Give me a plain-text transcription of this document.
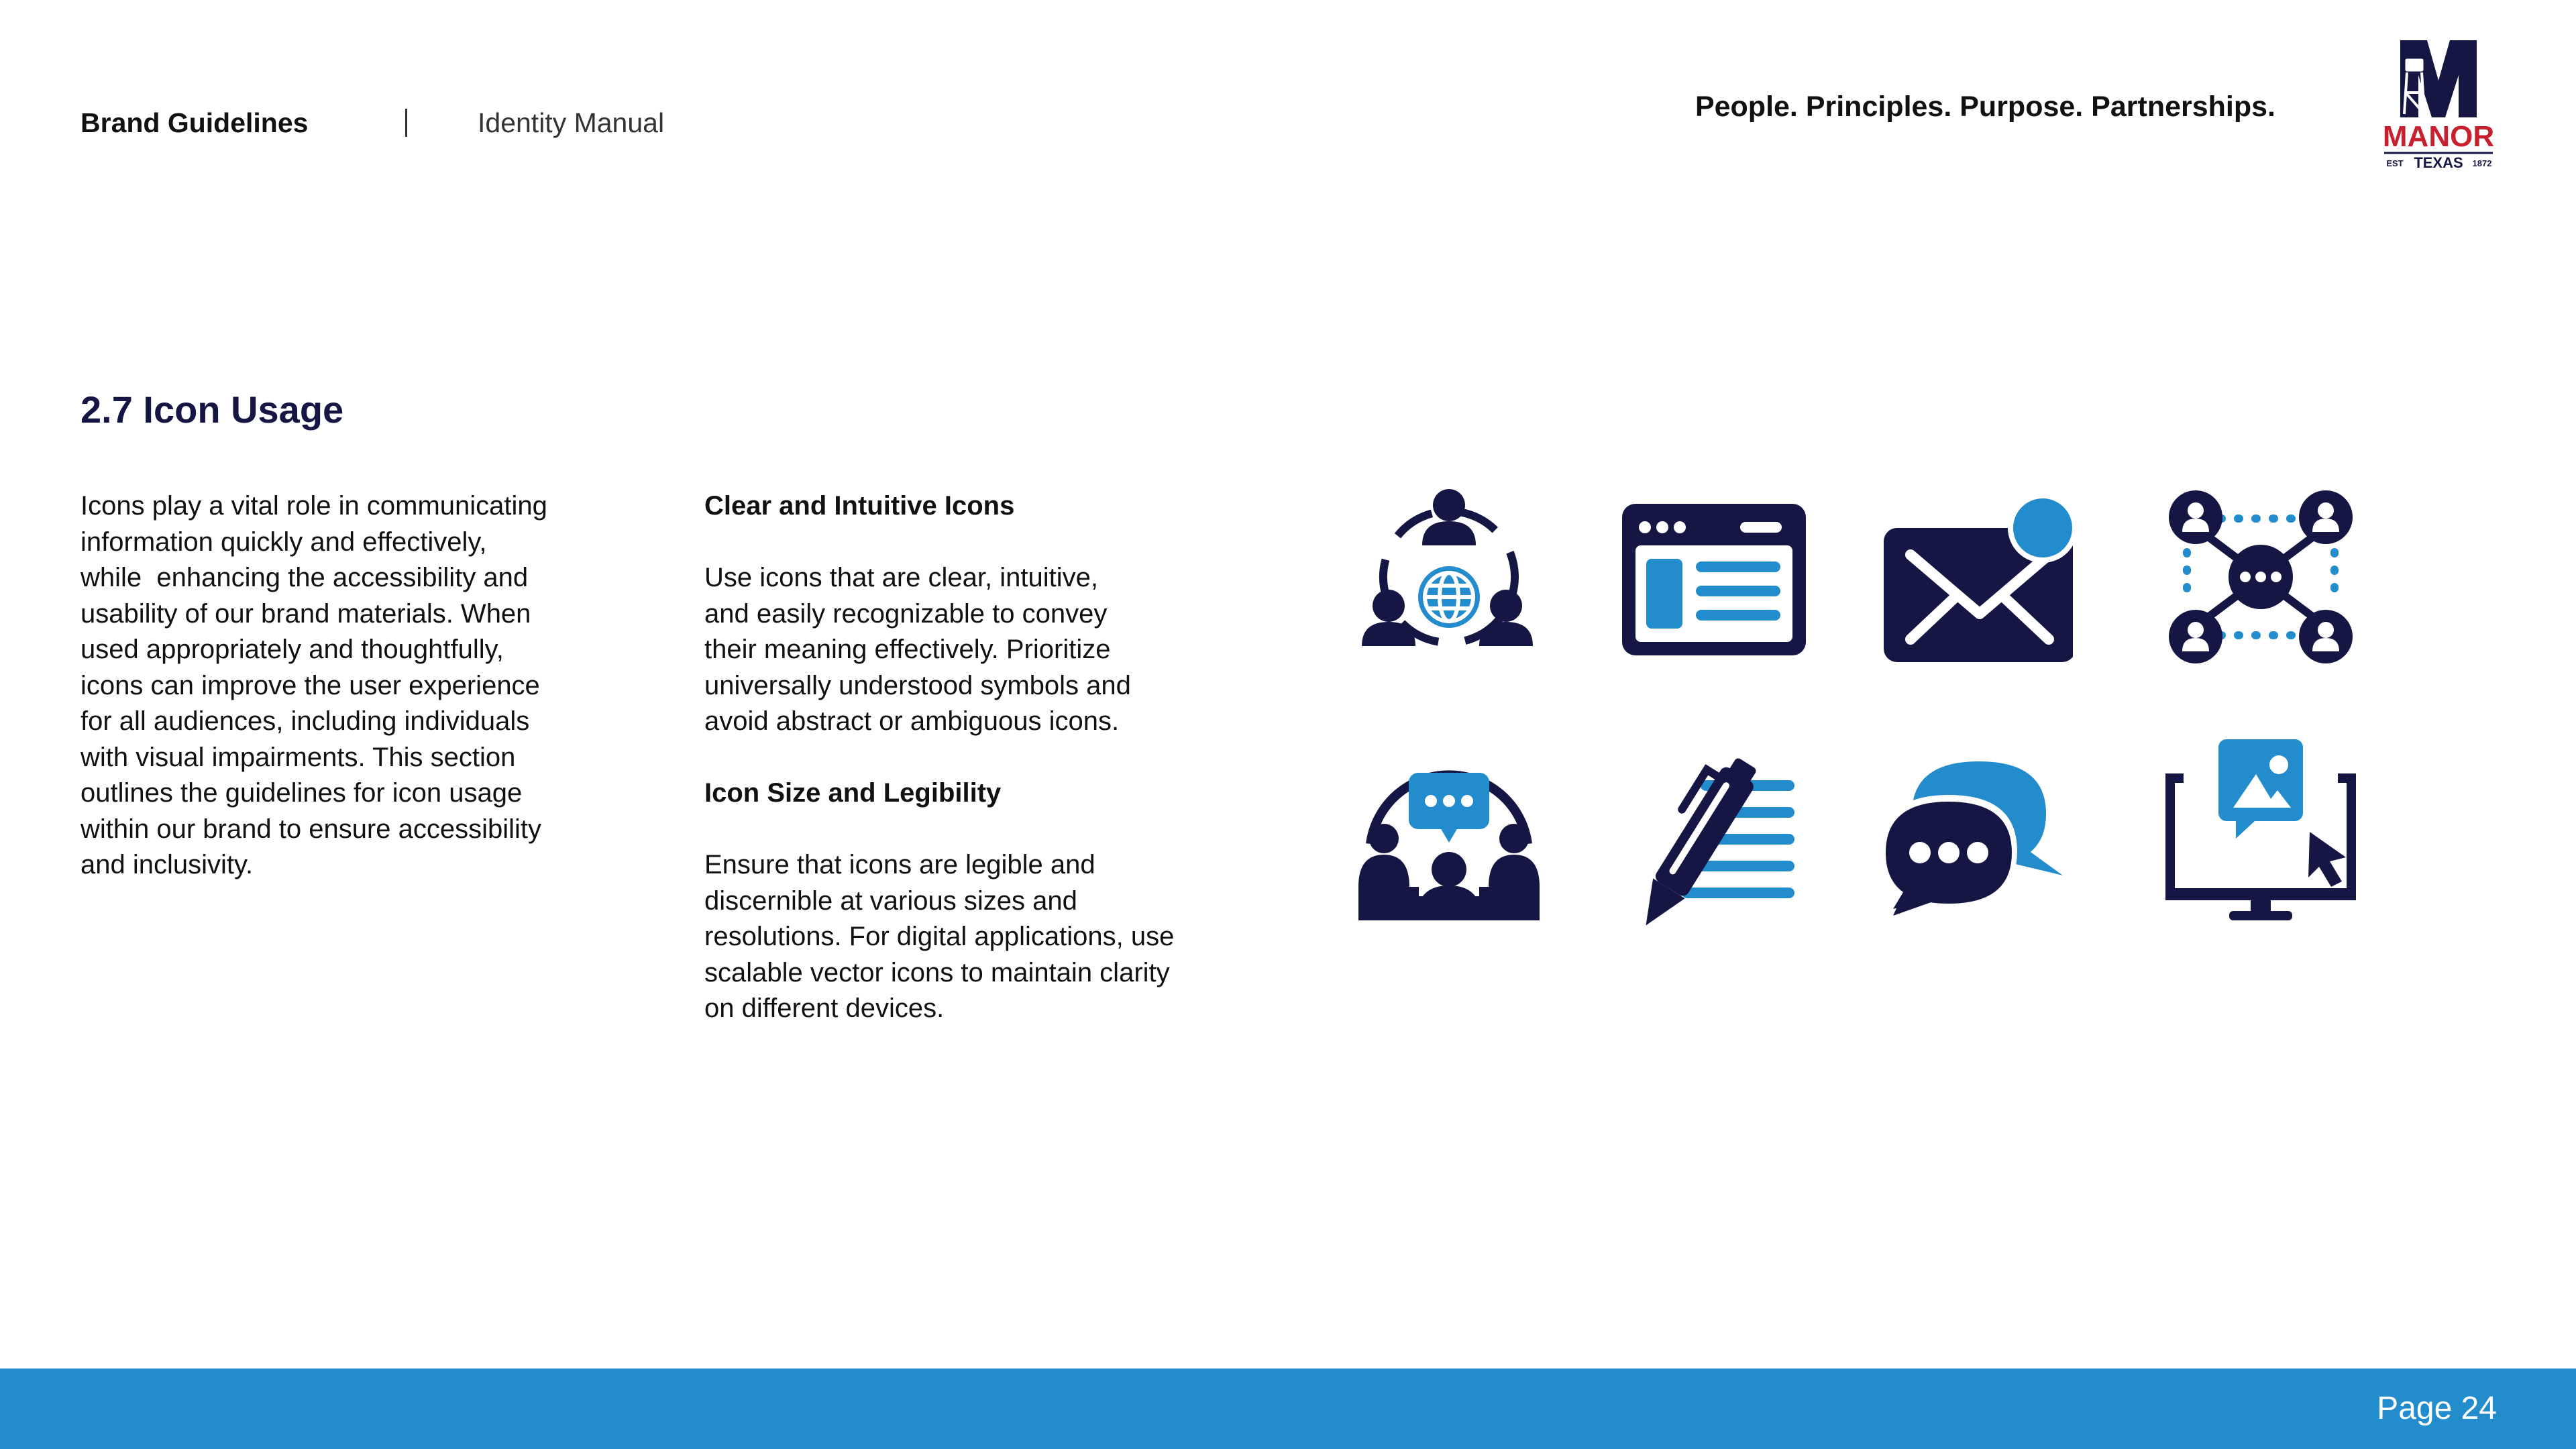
Brand Guidelines	Identity Manual	People. Principles. Purpose. Partnerships.
MANOR
EST TEXAS 1872
2.7 Icon Usage
Icons play a vital role in communicating
information quickly and effectively,
while  enhancing the accessibility and
usability of our brand materials. When
used appropriately and thoughtfully,
icons can improve the user experience
for all audiences, including individuals
with visual impairments. This section
outlines the guidelines for icon usage
within our brand to ensure accessibility
and inclusivity.
Clear and Intuitive Icons
Use icons that are clear, intuitive,
and easily recognizable to convey
their meaning effectively. Prioritize
universally understood symbols and
avoid abstract or ambiguous icons.
Icon Size and Legibility
Ensure that icons are legible and
discernible at various sizes and
resolutions. For digital applications, use
scalable vector icons to maintain clarity
on different devices.
Page 24
